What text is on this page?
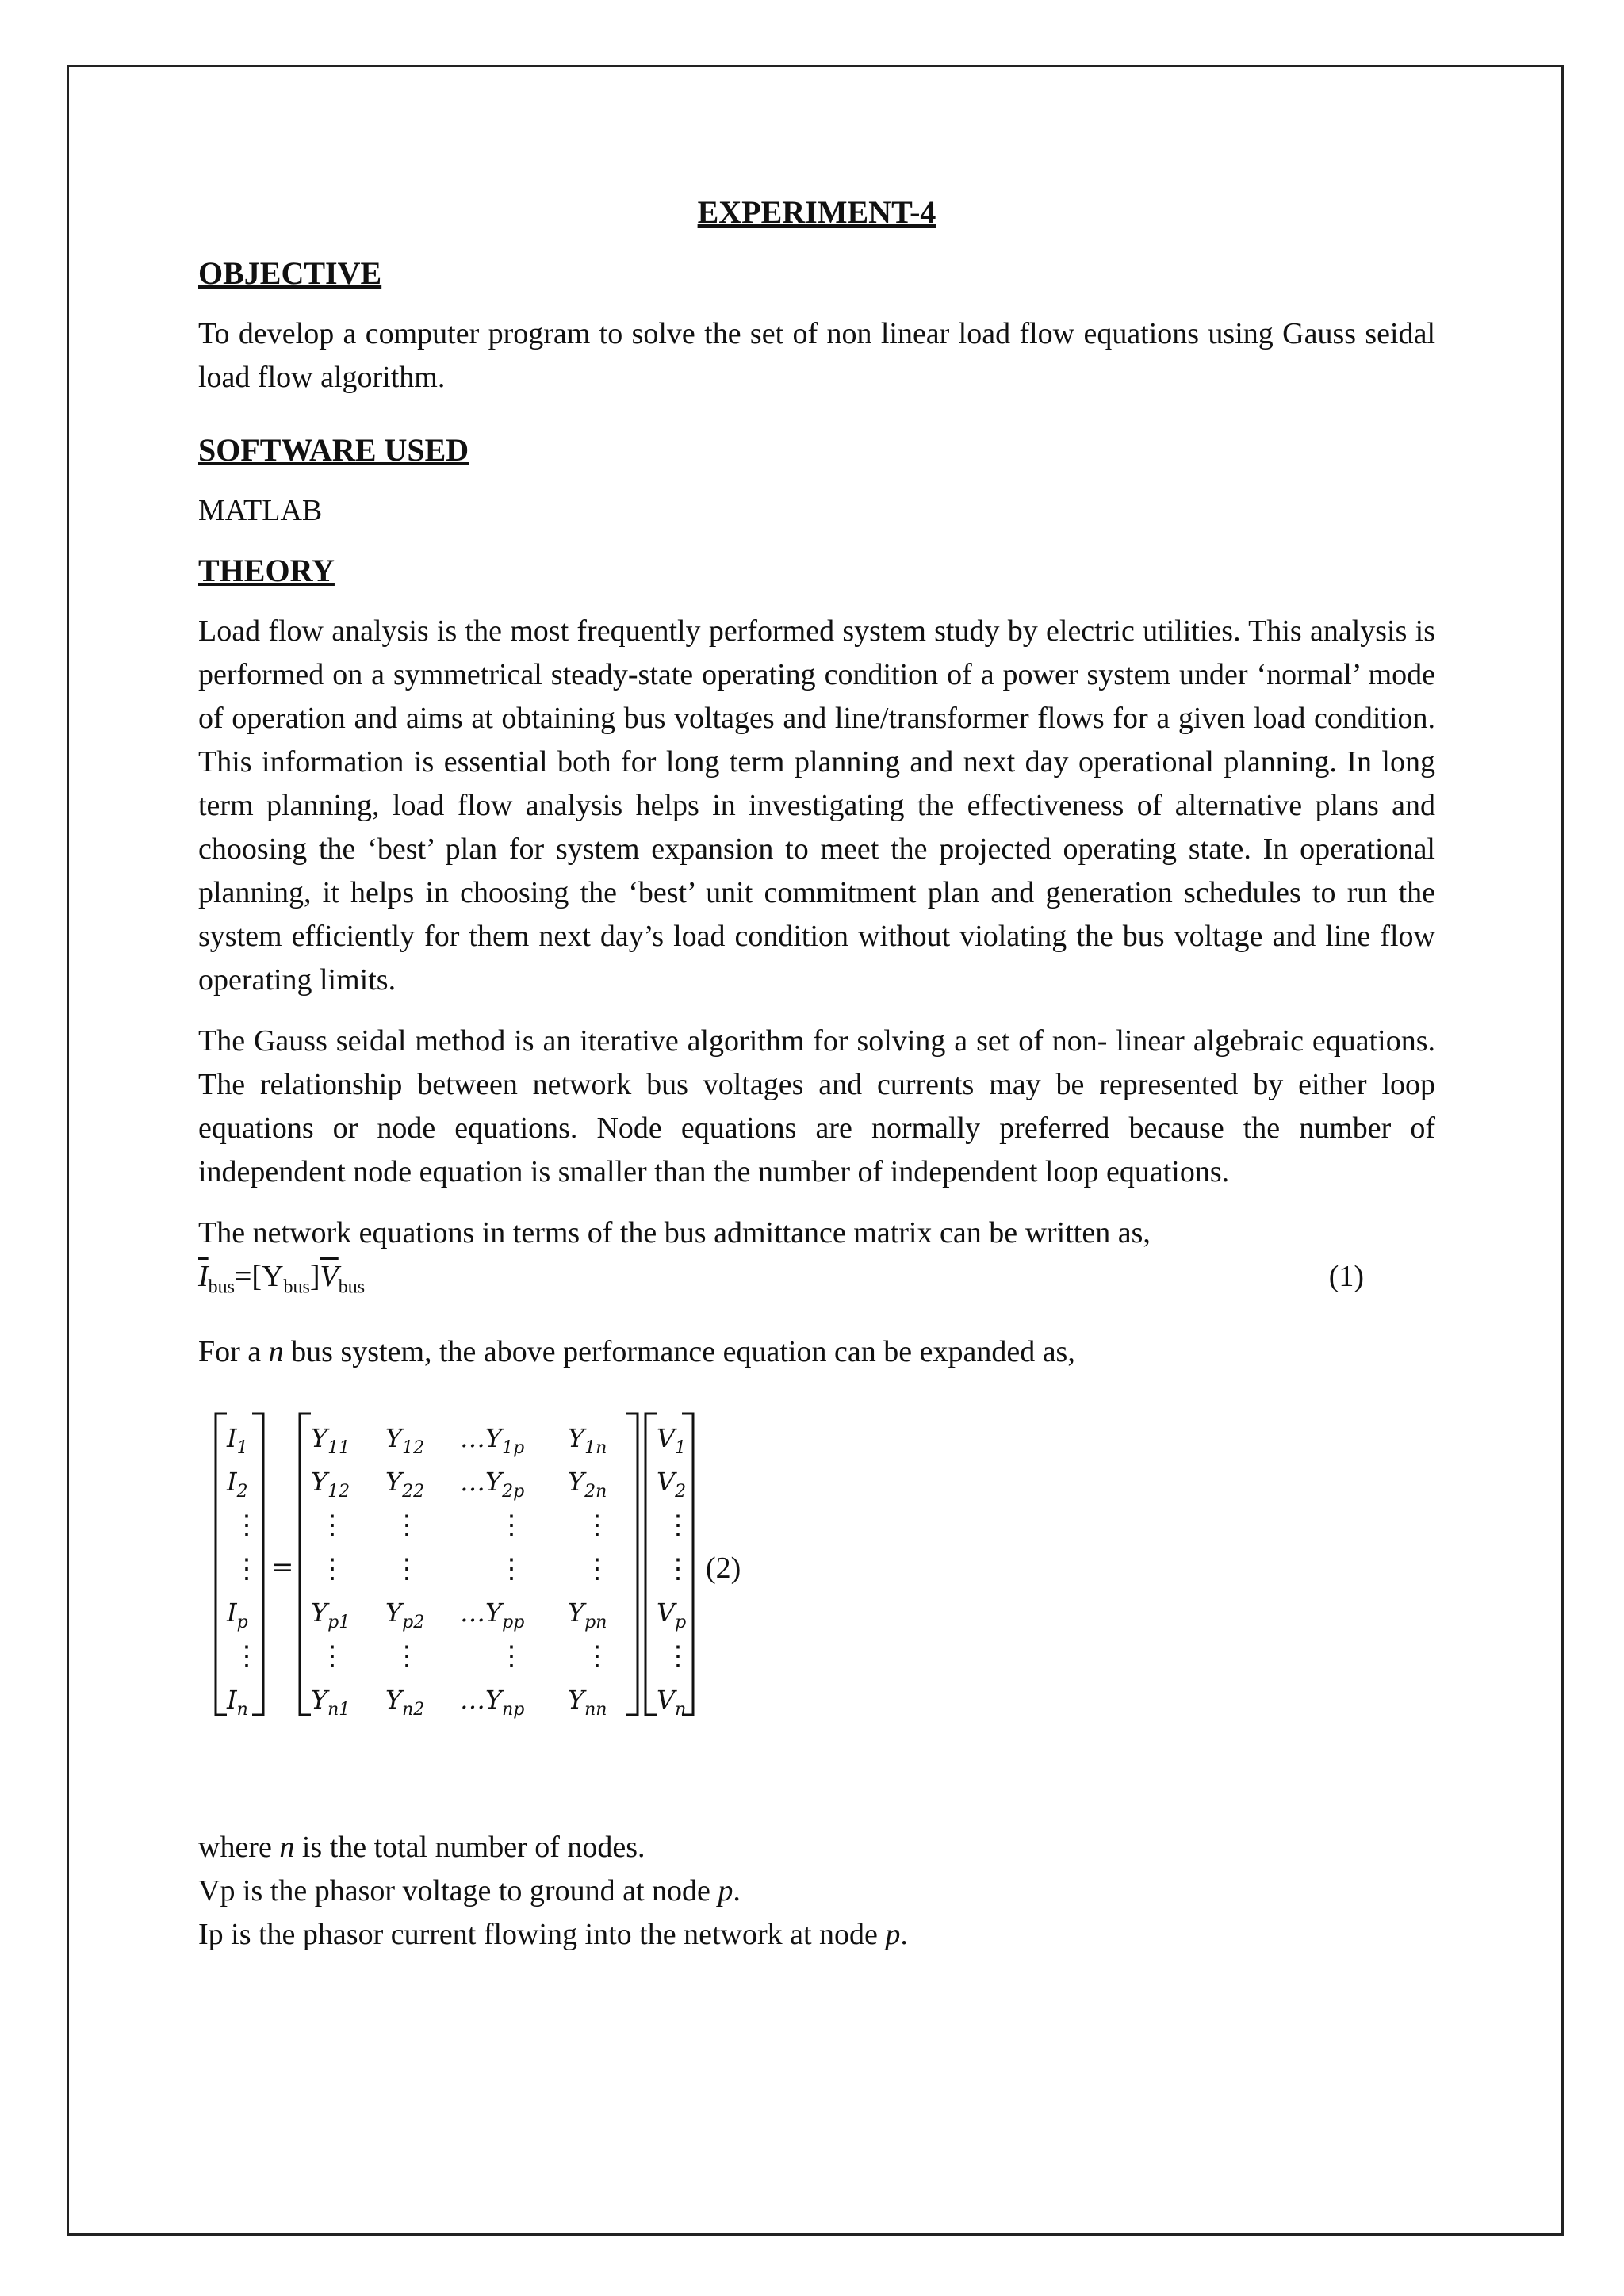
EXPERIMENT-4
OBJECTIVE

To develop a computer program to solve the set of non linear load flow equations using Gauss seidal load flow algorithm.

SOFTWARE USED

MATLAB

THEORY

Load flow analysis is the most frequently performed system study by electric utilities. This analysis is performed on a symmetrical steady-state operating condition of a power system under ‘normal’ mode of operation and aims at obtaining bus voltages and line/transformer flows for a given load condition. This information is essential both for long term planning and next day operational planning. In long term planning, load flow analysis helps in investigating the effectiveness of alternative plans and choosing the ‘best’ plan for system expansion to meet the projected operating state. In operational planning, it helps in choosing the ‘best’ unit commitment plan and generation schedules to run the system efficiently for them next day’s load condition without violating the bus voltage and line flow operating limits.

The Gauss seidal method is an iterative algorithm for solving a set of non- linear algebraic equations. The relationship between network bus voltages and currents may be represented by either loop equations or node equations. Node equations are normally preferred because the number of independent node equation is smaller than the number of independent loop equations.

The network equations in terms of the bus admittance matrix can be written as,

$\overline{I}_{bus}=[Y_{bus}]\overline{V}_{bus}$	(1)

For a n bus system, the above performance equation can be expanded as,

$I_1$
$I_2$
⋮
⋮
$I_p$
⋮
$I_n$
=
$Y_{11}$ $Y_{12}$ $\dots Y_{1p}$ $Y_{1n}$
$Y_{12}$ $Y_{22}$ $\dots Y_{2p}$ $Y_{2n}$
⋮ ⋮	⋮ ⋮
⋮ ⋮	⋮ ⋮
$Y_{p1}$ $Y_{p2}$ $\dots Y_{pp}$ $Y_{pn}$
⋮ ⋮	⋮ ⋮
$Y_{n1}$ $Y_{n2}$ $\dots Y_{np}$ $Y_{nn}$
$V_1$
$V_2$
⋮
⋮
$V_p$
⋮
$V_n$
(2)

where n is the total number of nodes.

Vp is the phasor voltage to ground at node p.

Ip is the phasor current flowing into the network at node p.
